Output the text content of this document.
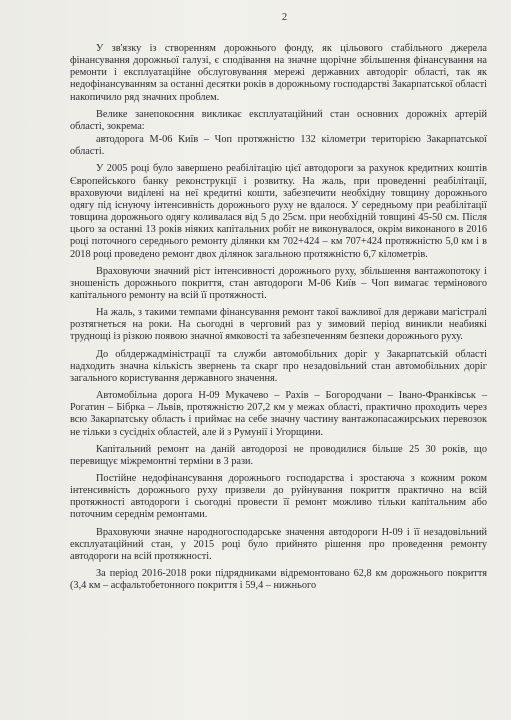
2

У зв'язку із створенням дорожнього фонду, як цільового стабільного джерела фінансування дорожньої галузі, є сподівання на значне щорічне збільшення фінансування на ремонти і експлуатаційне обслуговування мережі державних автодоріг області, так як недофінансуванням за останні десятки років в дорожньому господарстві Закарпатської області накопичило ряд значних проблем.

Велике занепокоєння викликає експлуатаційний стан основних дорожніх артерій області, зокрема:

автодорога М-06 Київ – Чоп протяжністю 132 кілометри територією Закарпатської області.

У 2005 році було завершено реабілітацію цієї автодороги за рахунок кредитних коштів Європейського банку реконструкції і розвитку. На жаль, при проведенні реабілітації, враховуючи виділені на неї кредитні кошти, забезпечити необхідну товщину дорожнього одягу під існуючу інтенсивність дорожнього руху не вдалося. У середньому при реабілітації товщина дорожнього одягу коливалася від 5 до 25см. при необхідній товщині 45-50 см. Після цього за останні 13 років ніяких капітальних робіт не виконувалося, окрім виконаного в 2016 році поточного середнього ремонту ділянки км 702+424 – км 707+424 протяжністю 5,0 км і в 2018 році проведено ремонт двох ділянок загальною протяжністю 6,7 кілометрів.

Враховуючи значний ріст інтенсивності дорожнього руху, збільшення вантажопотоку і зношеність дорожнього покриття, стан автодороги М-06 Київ – Чоп вимагає термінового капітального ремонту на всій її протяжності.

На жаль, з такими темпами фінансування ремонт такої важливої для держави магістралі розтягнеться на роки. На сьогодні в черговий раз у зимовий період виникли неабиякі труднощі із різкою появою значної ямковості та забезпеченням безпеки дорожнього руху.

До облдержадміністрації та служби автомобільних доріг у Закарпатській області надходить значна кількість звернень та скарг про незадовільний стан автомобільних доріг загального користування державного значення.

Автомобільна дорога Н-09 Мукачево – Рахів – Богородчани – Івано-Франківськ – Рогатин – Бібрка – Львів, протяжністю 207,2 км у межах області, практично проходить через всю Закарпатську область і приймає на себе значну частину вантажопасажирських перевозок не тільки з сусідніх областей, але й з Румунії і Угорщини.

Капітальний ремонт на даній автодорозі не проводилися більше 25 30 років, що перевищує міжремонтні терміни в 3 рази.

Постійне недофінансування дорожнього господарства і зростаюча з кожним роком інтенсивність дорожнього руху призвели до руйнування покриття практично на всій протяжності автодороги і сьогодні провести її ремонт можливо тільки капітальним або поточним середнім ремонтами.

Враховуючи значне народногосподарське значення автодороги Н-09 і її незадовільний експлуатаційний стан, у 2015 році було прийнято рішення про проведення ремонту автодороги на всій протяжності.

За період 2016-2018 роки підрядниками відремонтовано 62,8 км дорожнього покриття (3,4 км – асфальтобетонного покриття і 59,4 – нижнього
